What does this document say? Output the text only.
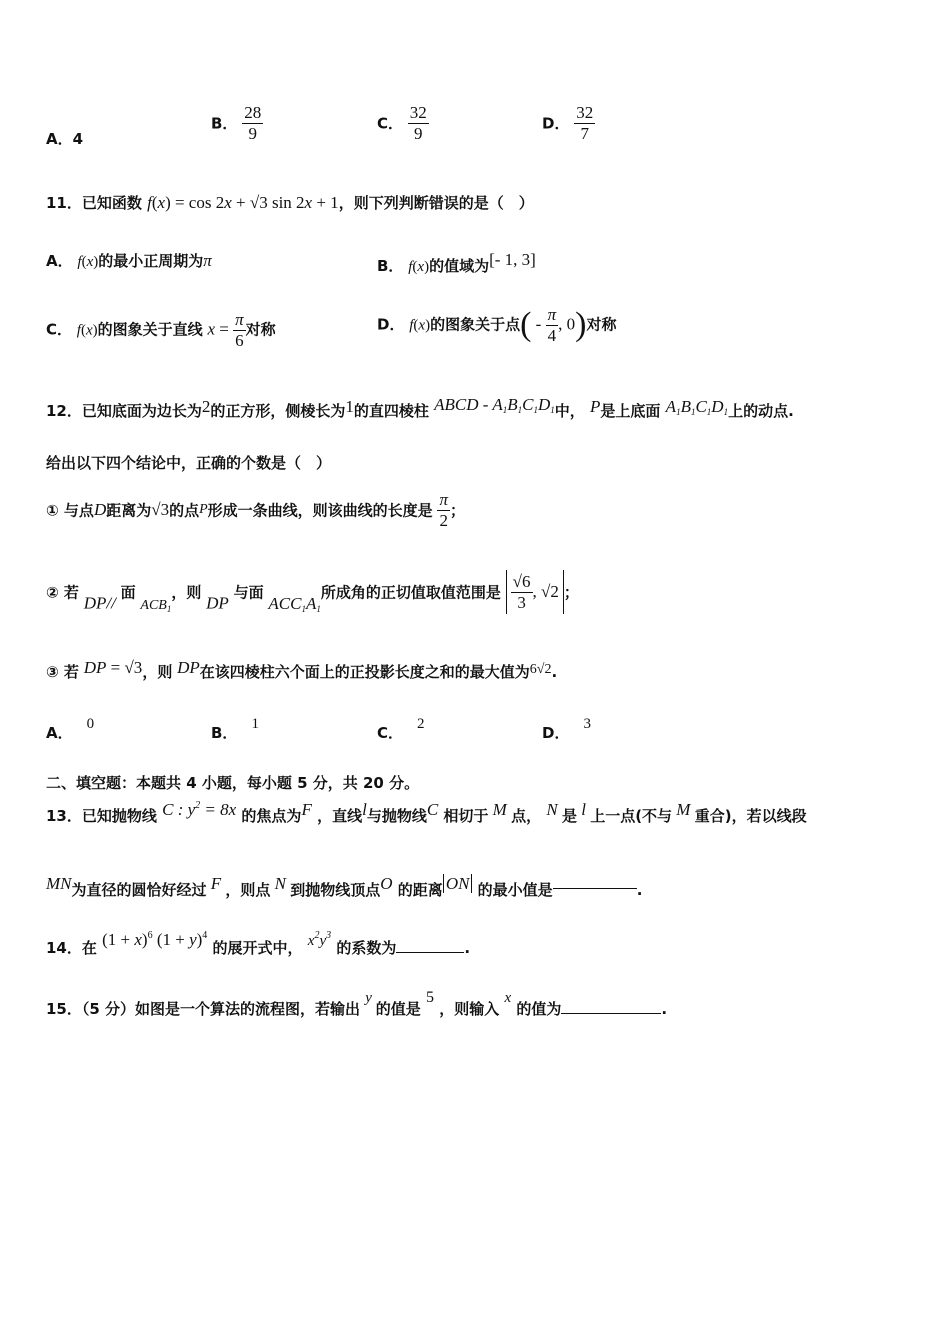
A．4
B． $\frac{28}{9}$	C． $\frac{32}{9}$	D． $\frac{32}{7}$
11．已知函数 f(x) = cos 2x + √3 sin 2x + 1，则下列判断错误的是（　）
A． f(x)的最小正周期为π	B． f(x)的值域为[- 1, 3]
C． f(x)的图象关于直线 $x = \frac{\pi}{6}$ 对称	D． f(x)的图象关于点( - $\frac{\pi}{4}$ , 0)对称
12．已知底面为边长为2的正方形，侧棱长为1的直四棱柱 ABCD - $A_1B_1C_1D_1$中， P是上底面 $A_1B_1C_1D_1$上的动点.
给出以下四个结论中，正确的个数是（　）
① 与点D距离为√3的点P形成一条曲线，则该曲线的长度是 $\frac{\pi}{2}$ ；
② 若 DP// 面 $ACB_1$，则 DP 与面 $ACC_1A_1$所成角的正切值取值范围是 $\frac{√6}{3}$ , √2 ；
③ 若 DP = √3，则 DP在该四棱柱六个面上的正投影长度之和的最大值为6√2.
A． 0	B． 1	C． 2	D． 3
二、填空题：本题共 4 小题，每小题 5 分，共 20 分。
13．已知抛物线 C : $y^2 = 8x$ 的焦点为F ，直线l与抛物线C 相切于 M 点， N 是 l 上一点(不与 M 重合)，若以线段
MN为直径的圆恰好经过 F ，则点 N 到抛物线顶点O 的距离 ON 的最小值是	.
14．在 $(1 + x)^6$ $(1 + y)^4$ 的展开式中， $x^2y^3$ 的系数为	.
15．（5 分）如图是一个算法的流程图，若输出 y 的值是 5 ，则输入 x 的值为	.
